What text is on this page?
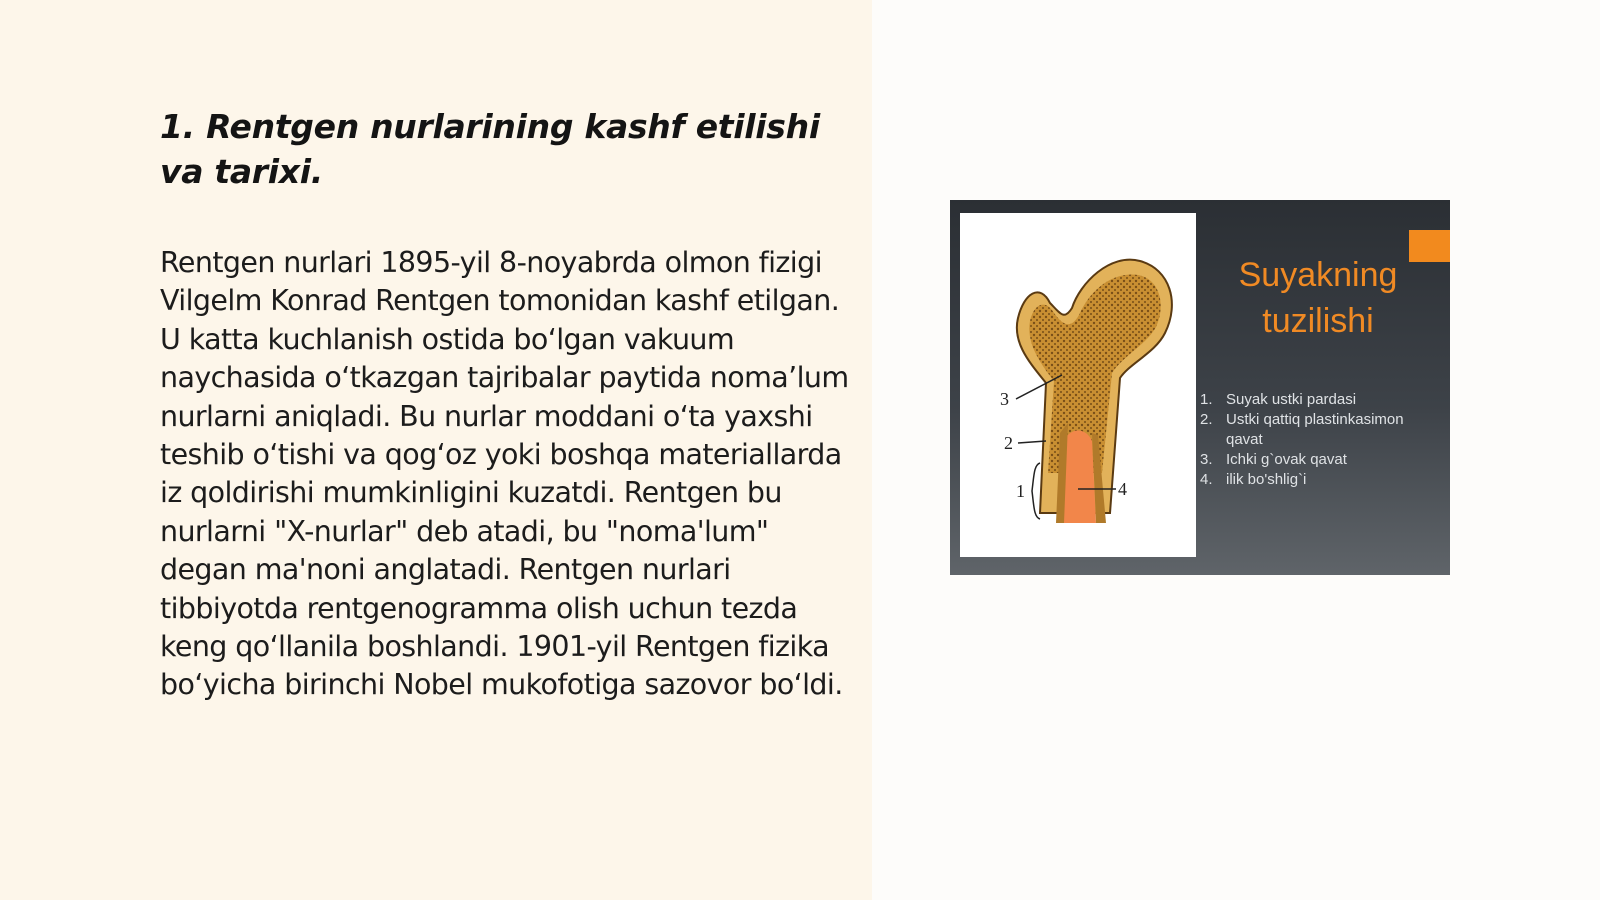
1. Rentgen nurlarining kashf etilishi va tarixi.

Rentgen nurlari 1895-yil 8-noyabrda olmon fizigi Vilgelm Konrad Rentgen tomonidan kashf etilgan. U katta kuchlanish ostida bo‘lgan vakuum naychasida o‘tkazgan tajribalar paytida noma’lum nurlarni aniqladi. Bu nurlar moddani o‘ta yaxshi teshib o‘tishi va qog‘oz yoki boshqa materiallarda iz qoldirishi mumkinligini kuzatdi. Rentgen bu nurlarni "X-nurlar" deb atadi, bu "noma'lum" degan ma'noni anglatadi. Rentgen nurlari tibbiyotda rentgenogramma olish uchun tezda keng qo‘llanila boshlandi. 1901-yil Rentgen fizika bo‘yicha birinchi Nobel mukofotiga sazovor bo‘ldi.

3
2
1	4
Suyakning tuzilishi
1. Suyak ustki pardasi
2. Ustki qattiq plastinkasimon qavat
3. Ichki g`ovak qavat
4. ilik bo'shlig`i
